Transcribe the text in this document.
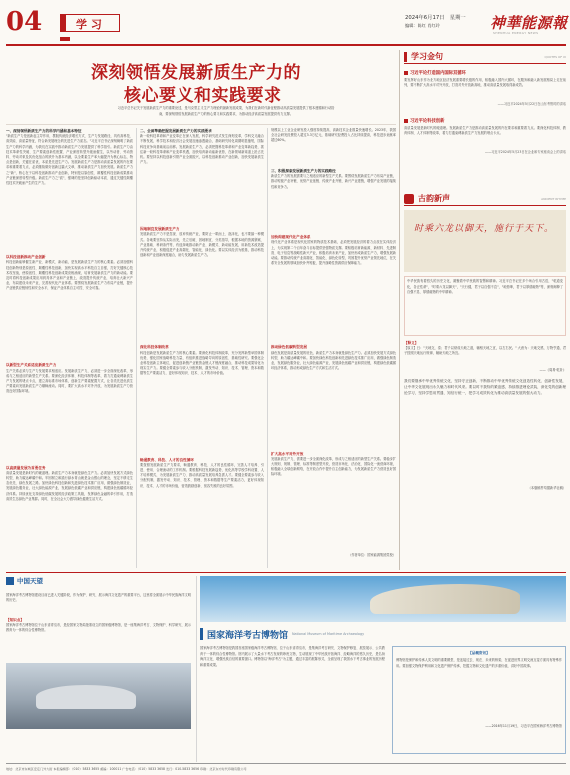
04	学 习	2024年6月17日　 星期一
编辑：陈红 肖红玲	神華能源報
SHENHUA ENERGY NEWS
深刻领悟发展新质生产力的
核心要义和实践要求
习近平总书记关于发展新质生产力的重要论述，是马克思主义生产力理论的最新发展成果，为我们在新时代新征程推动高质量发展提供了根本遵循和行动指南，要深刻领悟发展新质生产力的核心要义和实践要求，为推动经济高质量发展提供有力支撑。
一、深刻领悟新质生产力的科学内涵和基本特征
"新质生产力是创新起主导作用，摆脱传统经济增长方式、生产力发展路径，具有高科技、高效能、高质量特征，符合新发展理念的先进生产力质态。"习近平总书记深刻阐明了新质生产力的科学内涵，为我们在实践中推动新质生产力发展提供了科学指引。新质生产力由技术革命性突破、生产要素创新性配置、产业深度转型升级而催生，以劳动者、劳动资料、劳动对象及其优化组合的跃升为基本内涵，以全要素生产率大幅提升为核心标志，特点是创新，关键在质优，本质是先进生产力。发展新质生产力是推动高质量发展的内在要求和重要着力点，必须继续做好创新这篇大文章，推动新质生产力加快发展。新质生产力之"新"，核心在于以科技创新推动产业创新，特别是以原创性、颠覆性科技创新成果推动产业链深度转型升级。新质生产力之"质"，强调的是坚持创新驱动本质、通过关键性颠覆性技术突破而产生的生产力。
以科技创新推动产业创新
科技创新能够催生新产业、新模式、新动能，是发展新质生产力的核心要素。必须加强科技创新特别是原创性、颠覆性科技创新，加快实现高水平科技自立自强，打好关键核心技术攻坚战，使原创性、颠覆性科技创新成果竞相涌现，培育发展新质生产力的新动能。要及时将科技创新成果应用到具体产业和产业链上，改造提升传统产业，培育壮大新兴产业，布局建设未来产业，完善现代化产业体系。要围绕发展新质生产力布局产业链，提升产业链供应链韧性和安全水平，保证产业体系自主可控、安全可靠。
以新型生产关系适应新质生产力
生产关系必须与生产力发展要求相适应。发展新质生产力，必须进一步全面深化改革，形成与之相适应的新型生产关系。要深化经济体制、科技体制等改革，着力打通束缚新质生产力发展的堵点卡点，建立高标准市场体系，创新生产要素配置方式，让各类先进优质生产要素向发展新质生产力顺畅流动。同时，要扩大高水平对外开放，为发展新质生产力营造良好国际环境。
以高质量发展为首要任务
高质量发展是新时代的硬道理。新质生产力本身就是绿色生产力。必须加快发展方式绿色转型，助力碳达峰碳中和。牢固树立和践行绿水青山就是金山银山的理念，坚定不移走生态优先、绿色发展之路。加快绿色科技创新和先进绿色技术推广应用，做强绿色制造业，发展绿色服务业，壮大绿色能源产业，发展绿色低碳产业和供应链，构建绿色低碳循环经济体系。持续优化支持绿色低碳发展的经济政策工具箱，发挥绿色金融的牵引作用，打造高效生态绿色产业集群。同时，在全社会大力倡导绿色健康生活方式。
二、全面準确把握发展新质生产力的实践要求
新一轮科技革命和产业变革正在深入发展，科学研究范式发生深刻变革，学科交叉融合不断发展，科学技术和经济社会发展加速渗透融合，基础研究转化周期明显缩短，国际科技竞争向基础前沿前移。发展新质生产力，必须把握科技革命和产业变革新趋势，抓住新一轮科技革命和产业变革机遇，加快培育新动能新优势，在新领域新赛道上抢占先机。要坚持以科技创新引领产业全面振兴，以科技创新推动产业创新，加快发展新质生产力。
因地制宜发展新质生产力
发展新质生产力不是忽视、放弃传统产业，要防止一哄而上、泡沫化，也不要搞一种模式。各地要坚持从实际出发，先立后破、因地制宜、分类指导，根据本地的资源禀赋、产业基础、科研条件等，有选择地推动新产业、新模式、新动能发展，用新技术改造提升传统产业，积极促进产业高端化、智能化、绿色化。要以实体经济为根基，推动科技创新和产业创新深度融合，助力发展新质生产力。
深化科技体制改革
科技创新是发展新质生产力的核心要素。要深化科技体制改革，充分发挥新型举国体制优势，强化国家战略科技力量，有组织推进战略导向的原创性、基础性研究。要强化企业科技创新主体地位，促进创新链产业链资金链人才链深度融合，推动科技成果转化为现实生产力。要健全要素参与收入分配机制，激发劳动、知识、技术、管理、资本和数据等生产要素活力，更好体现知识、技术、人才的市场价值。
畅通教育、科技、人才的良性循环
要按照发展新质生产力要求，畅通教育、科技、人才的良性循环，完善人才培养、引进、使用、合理流动的工作机制。要根据科技发展新趋势，优化高等学校学科设置、人才培养模式，为发展新质生产力、推动高质量发展培养急需人才。要健全要素参与收入分配机制，激发劳动、知识、技术、管理、资本和数据等生产要素活力，更好体现知识、技术、人才的市场价值，营造鼓励创新、宽容失败的良好氛围。
规模以上工业企业研发投入强度持续提高，高新技术企业数量快速增长。2023年，我国全社会研发经费投入超过3.3万亿元，基础研究经费投入占比持续提高，科技进步贡献率超过60%。
三、积极探索发展新质生产力的实践路径
新质生产力的发展需要与之相适应的新型生产关系。要围绕发展新质生产力布局产业链，推动短板产业补链、优势产业延链、传统产业升链、新兴产业建链，增强产业发展的接续性和竞争力。
加快构建现代化产业体系
现代化产业体系是现代化国家的物质技术基础，必须把发展经济的着力点放在实体经济上，为实现第二个百年奋斗目标提供坚强物质支撑。要积极培育新能源、新材料、先进制造、电子信息等战略性新兴产业，积极培育未来产业，加快形成新质生产力，增强发展新动能。要推动传统产业高端化、智能化、绿色化转型，巩固提升优势产业领先地位，在关系安全发展的领域加快补齐短板，提升战略性资源供应保障能力。
推动绿色低碳转型发展
绿色发展是高质量发展的底色，新质生产力本身就是绿色生产力。必须加快发展方式绿色转型，助力碳达峰碳中和。要加快绿色科技创新和先进绿色技术推广应用，做强绿色制造业，发展绿色服务业，壮大绿色能源产业，发展绿色低碳产业和供应链，构建绿色低碳循环经济体系，推动形成绿色生产方式和生活方式。
扩大高水平对外开放
发展新质生产力，需要进一步全面深化改革，形成与之相适应的新型生产关系。要稳步扩大规则、规制、管理、标准等制度型开放，营造市场化、法治化、国际化一流营商环境，积极融入全球创新网络，在开放合作中提升自主创新能力，为发展新质生产力营造良好国际环境。
（作者单位：国家能源集团党校）
学习金句	QUOTES OF XI
习近平论打造国内国际双循环
要发挥好山东作为北方地区经济发展重要增长极的作用，积极融入国内大循环，在服务和融入新发展格局上走在前列，要不断扩大高水平对外开放，打造对外开放新高地，推动高质量发展取得新成效。
——习近平2024年5月22日在山东考察时的讲话
习近平论科技创新
高质量发展是新时代的硬道理。发展新质生产力是推动高质量发展的内在要求和重要着力点。要深化科技体制、教育体制、人才体制等改革，着力打通束缚新质生产力发展的堵点卡点。
——习近平2024年5月23日在企业和专家座谈会上的讲话
古韵新声	ANCIENT RHYME
时乘六龙以御天，施行于天下。
中华民族有着悠久的历史文化，凝聚着中华民族的智慧和精神。习近平总书记在多个场合引用古语，"乾道变化，各正性命"，"时乘六龙以御天"，"天行健，君子以自强不息"，"地势坤，君子以厚德载物"等，深刻阐释了自强不息、厚德载物的中华精神。
【释义】
【原文】曰："天地交，泰；君子以财成天地之道，辅相天地之宜，以左右民。" 大意为：天地交感，万物亨通，君子按照天地运行规律，辅助天地之所宜。
——《周易·乾卦》
我们要继承中华优秀传统文化，坚持守正创新，不断推动中华优秀传统文化创造性转化、创新性发展，让中华文化展现出永久魅力和时代风采。要以时不我待的紧迫感，持续推进理论武装，深化党的创新理论学习，坚持学思用贯通、知信行统一，把学习成效转化为推动高质量发展的强大动力。
（本版稿件均据新华社稿）
中国天望
国家海洋考古博物馆建设目前已进入关键阶段，作为保护、研究、展示海洋文化遗产的重要平台，这里将全面展示中华民族海洋文明的历史。
【知识点】
国家海洋考古博物馆位于山东省青岛市，是经国家文物局批准设立的国家级博物馆，是一座集海洋考古、文物保护、科学研究、展示教育为一体的综合性博物馆。
国家海洋考古博物馆 National Museum of Maritime Archaeology
国家海洋考古博物馆是我国首座国家级海洋考古博物馆，位于山东省青岛市，是集海洋考古研究、文物保护修复、展览展示、公共教育于一体的综合性博物馆。馆内展示了大量水下考古发现的珍贵文物，生动展现了中华民族开拓海洋、经略海洋的悠久历史，是弘扬海洋文化、增强民族自信的重要窗口。博物馆以"海洋考古"为主题，通过丰富的展陈形式，全面呈现了我国水下考古事业的发展历程和重要成果。
【品概资讯】
博物馆是保护和传承人类文明的重要殿堂，是连接过去、现在、未来的桥梁，在促进世界文明交流互鉴方面具有特殊作用。要加强文物保护利用和文化遗产保护传承，挖掘文物和文化遗产的多重价值，讲好中国故事。
——2016年11月19日，习近平在国家海洋考古博物馆
地址：北京市东城区安定门外大街 本报编辑部：（010）5833 3655 邮编：100011 广告电话：（010）5833 3658 发行：010-5833 3656 印刷：北京东方时代印刷有限公司
